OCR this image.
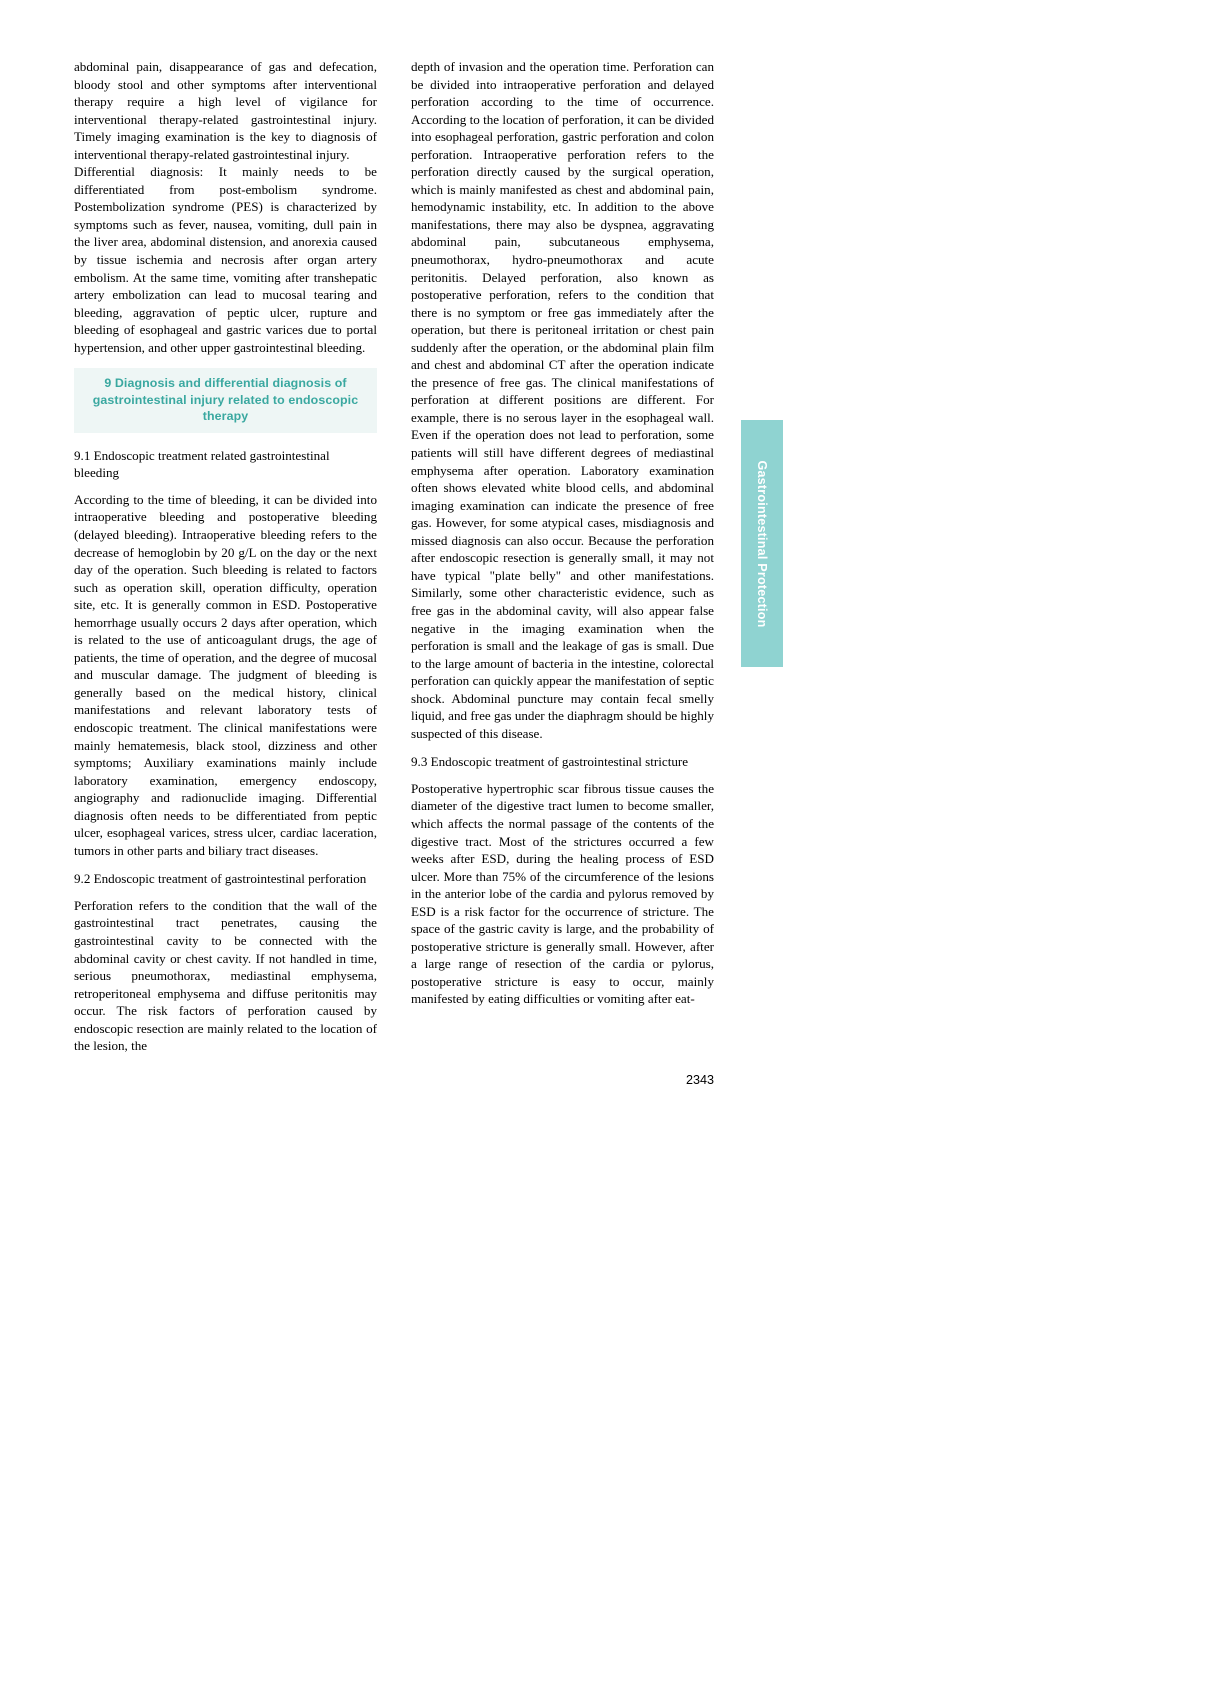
abdominal pain, disappearance of gas and defecation, bloody stool and other symptoms after interventional therapy require a high level of vigilance for interventional therapy-related gastrointestinal injury. Timely imaging examination is the key to diagnosis of interventional therapy-related gastrointestinal injury.

Differential diagnosis: It mainly needs to be differentiated from post-embolism syndrome. Postembolization syndrome (PES) is characterized by symptoms such as fever, nausea, vomiting, dull pain in the liver area, abdominal distension, and anorexia caused by tissue ischemia and necrosis after organ artery embolism. At the same time, vomiting after transhepatic artery embolization can lead to mucosal tearing and bleeding, aggravation of peptic ulcer, rupture and bleeding of esophageal and gastric varices due to portal hypertension, and other upper gastrointestinal bleeding.

9 Diagnosis and differential diagnosis of gastrointestinal injury related to endoscopic therapy
9.1 Endoscopic treatment related gastrointestinal bleeding

According to the time of bleeding, it can be divided into intraoperative bleeding and postoperative bleeding (delayed bleeding). Intraoperative bleeding refers to the decrease of hemoglobin by 20 g/L on the day or the next day of the operation. Such bleeding is related to factors such as operation skill, operation difficulty, operation site, etc. It is generally common in ESD. Postoperative hemorrhage usually occurs 2 days after operation, which is related to the use of anticoagulant drugs, the age of patients, the time of operation, and the degree of mucosal and muscular damage. The judgment of bleeding is generally based on the medical history, clinical manifestations and relevant laboratory tests of endoscopic treatment. The clinical manifestations were mainly hematemesis, black stool, dizziness and other symptoms; Auxiliary examinations mainly include laboratory examination, emergency endoscopy, angiography and radionuclide imaging. Differential diagnosis often needs to be differentiated from peptic ulcer, esophageal varices, stress ulcer, cardiac laceration, tumors in other parts and biliary tract diseases.

9.2 Endoscopic treatment of gastrointestinal perforation

Perforation refers to the condition that the wall of the gastrointestinal tract penetrates, causing the gastrointestinal cavity to be connected with the abdominal cavity or chest cavity. If not handled in time, serious pneumothorax, mediastinal emphysema, retroperitoneal emphysema and diffuse peritonitis may occur. The risk factors of perforation caused by endoscopic resection are mainly related to the location of the lesion, the

depth of invasion and the operation time. Perforation can be divided into intraoperative perforation and delayed perforation according to the time of occurrence. According to the location of perforation, it can be divided into esophageal perforation, gastric perforation and colon perforation. Intraoperative perforation refers to the perforation directly caused by the surgical operation, which is mainly manifested as chest and abdominal pain, hemodynamic instability, etc. In addition to the above manifestations, there may also be dyspnea, aggravating abdominal pain, subcutaneous emphysema, pneumothorax, hydro-pneumothorax and acute peritonitis. Delayed perforation, also known as postoperative perforation, refers to the condition that there is no symptom or free gas immediately after the operation, but there is peritoneal irritation or chest pain suddenly after the operation, or the abdominal plain film and chest and abdominal CT after the operation indicate the presence of free gas. The clinical manifestations of perforation at different positions are different. For example, there is no serous layer in the esophageal wall. Even if the operation does not lead to perforation, some patients will still have different degrees of mediastinal emphysema after operation. Laboratory examination often shows elevated white blood cells, and abdominal imaging examination can indicate the presence of free gas. However, for some atypical cases, misdiagnosis and missed diagnosis can also occur. Because the perforation after endoscopic resection is generally small, it may not have typical "plate belly" and other manifestations. Similarly, some other characteristic evidence, such as free gas in the abdominal cavity, will also appear false negative in the imaging examination when the perforation is small and the leakage of gas is small. Due to the large amount of bacteria in the intestine, colorectal perforation can quickly appear the manifestation of septic shock. Abdominal puncture may contain fecal smelly liquid, and free gas under the diaphragm should be highly suspected of this disease.

9.3 Endoscopic treatment of gastrointestinal stricture

Postoperative hypertrophic scar fibrous tissue causes the diameter of the digestive tract lumen to become smaller, which affects the normal passage of the contents of the digestive tract. Most of the strictures occurred a few weeks after ESD, during the healing process of ESD ulcer. More than 75% of the circumference of the lesions in the anterior lobe of the cardia and pylorus removed by ESD is a risk factor for the occurrence of stricture. The space of the gastric cavity is large, and the probability of postoperative stricture is generally small. However, after a large range of resection of the cardia or pylorus, postoperative stricture is easy to occur, mainly manifested by eating difficulties or vomiting after eat-

Gastrointestinal Protection
2343
